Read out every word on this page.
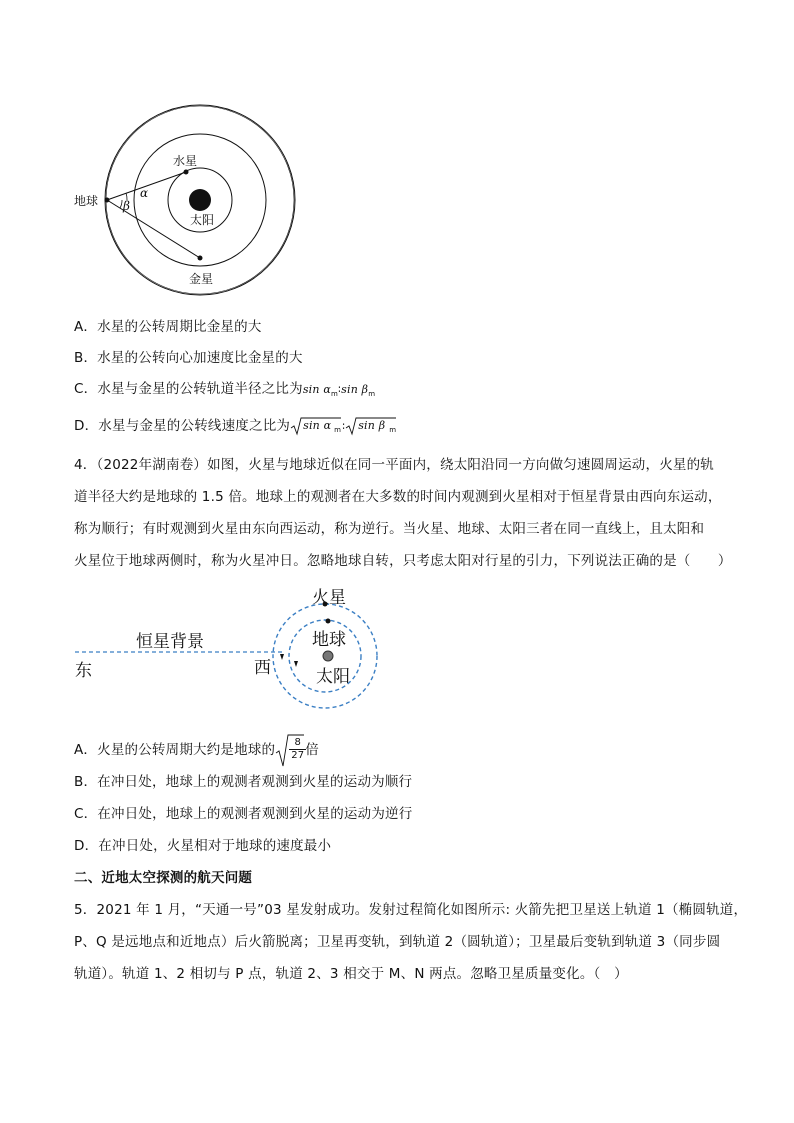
地球
水星
太阳
金星
α
β
A．水星的公转周期比金星的大
B．水星的公转向心加速度比金星的大
C．水星与金星的公转轨道半径之比为$\sin \alpha_m∶\sin$ $\beta_m$
D．水星与金星的公转线速度之比为 sin α m ∶ sin β m
4．（2022年湖南卷）如图，火星与地球近似在同一平面内，绕太阳沿同一方向做匀速圆周运动，火星的轨
道半径大约是地球的 1.5 倍。地球上的观测者在大多数的时间内观测到火星相对于恒星背景由西向东运动，
称为顺行；有时观测到火星由东向西运动，称为逆行。当火星、地球、太阳三者在同一直线上，且太阳和
火星位于地球两侧时，称为火星冲日。忽略地球自转，只考虑太阳对行星的引力，下列说法正确的是（　　）
火星
地球
太阳
恒星背景
东	西
A．火星的公转周期大约是地球的 $\frac{8}{27}$
倍
B．在冲日处，地球上的观测者观测到火星的运动为顺行
C．在冲日处，地球上的观测者观测到火星的运动为逆行
D．在冲日处，火星相对于地球的速度最小
二、近地太空探测的航天问题
5．2021 年 1 月，“天通一号”03 星发射成功。发射过程简化如图所示: 火箭先把卫星送上轨道 1（椭圆轨道，
P、Q 是远地点和近地点）后火箭脱离；卫星再变轨，到轨道 2（圆轨道）；卫星最后变轨到轨道 3（同步圆
轨道）。轨道 1、2 相切与 P 点，轨道 2、3 相交于 M、N 两点。忽略卫星质量变化。（　）
